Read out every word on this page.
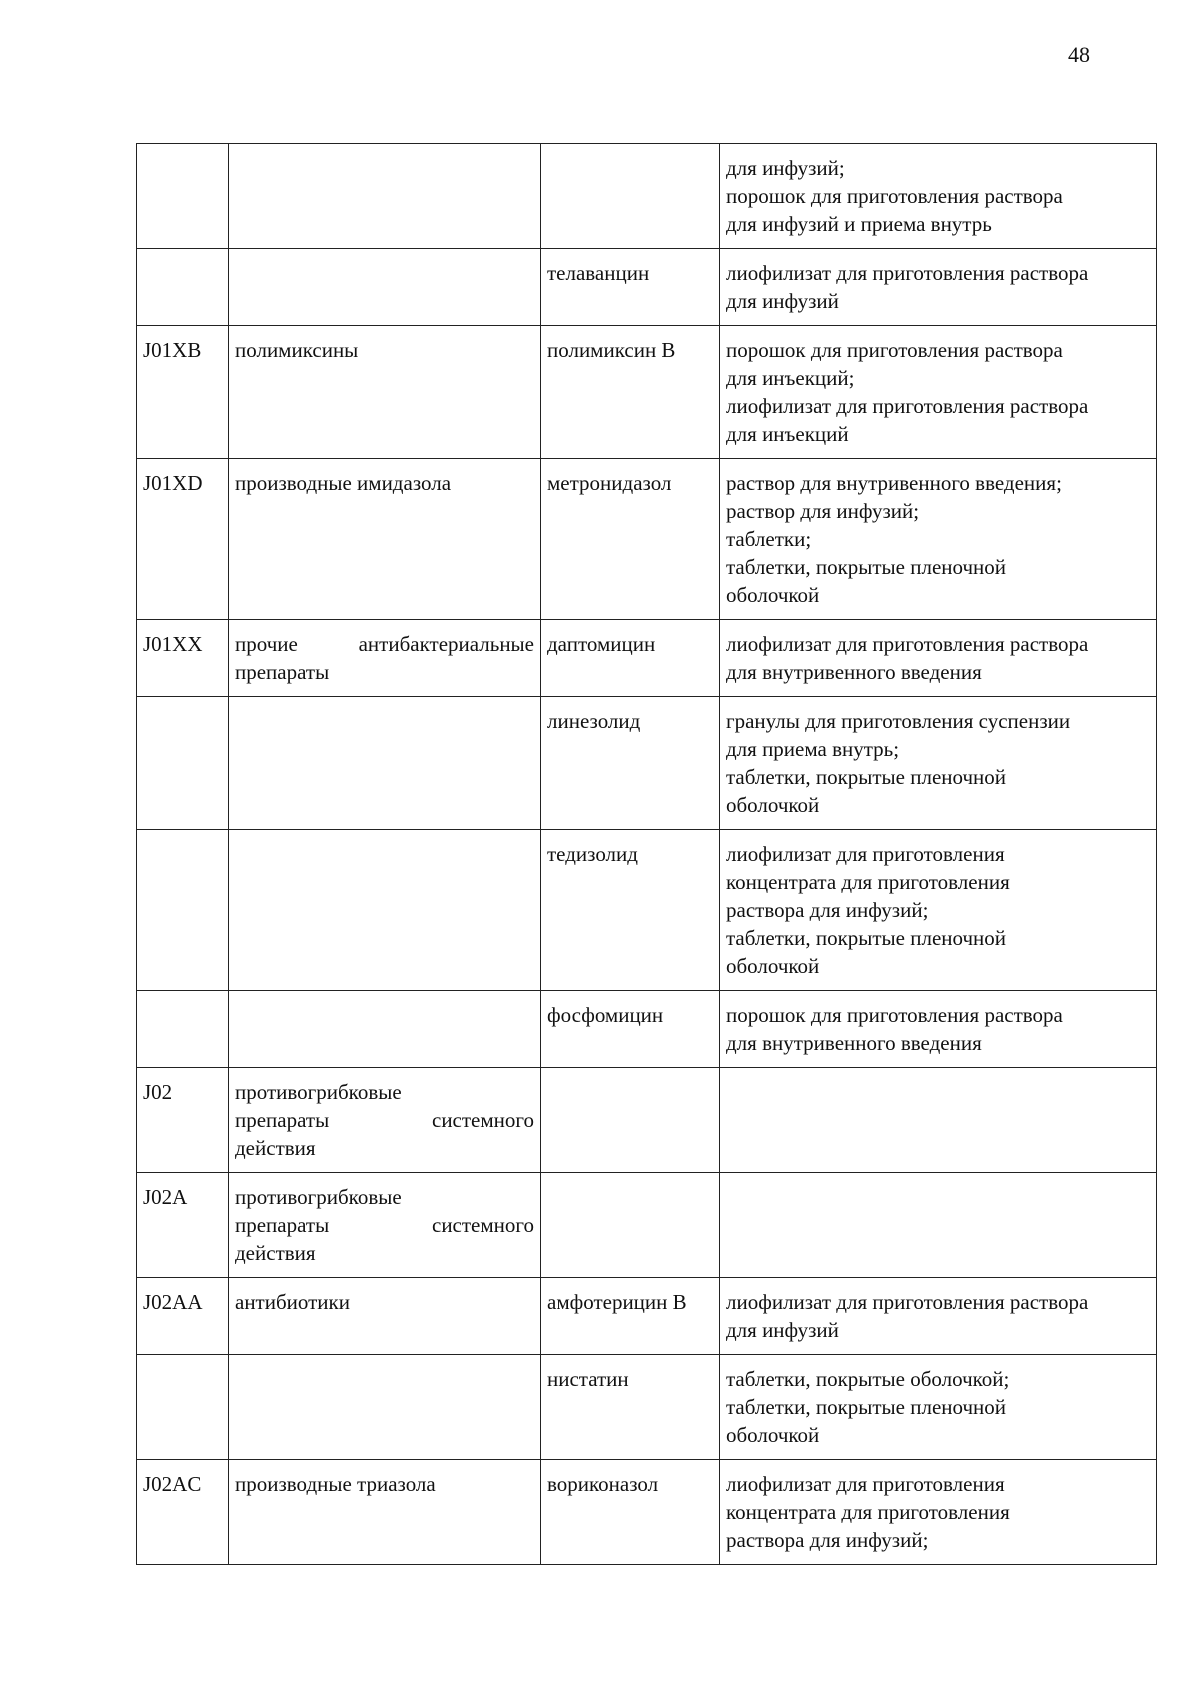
48

			для инфузий;
порошок для приготовления раствора
для инфузий и приема внутрь

		телаванцин	лиофилизат для приготовления раствора
для инфузий

J01XB	полимиксины	полимиксин В	порошок для приготовления раствора
для инъекций;
лиофилизат для приготовления раствора
для инъекций

J01XD	производные имидазола	метронидазол	раствор для внутривенного введения;
раствор для инфузий;
таблетки;
таблетки, покрытые пленочной
оболочкой

J01XX	прочие антибактериальные
препараты	даптомицин	лиофилизат для приготовления раствора
для внутривенного введения

		линезолид	гранулы для приготовления суспензии
для приема внутрь;
таблетки, покрытые пленочной
оболочкой

		тедизолид	лиофилизат для приготовления
концентрата для приготовления
раствора для инфузий;
таблетки, покрытые пленочной
оболочкой

		фосфомицин	порошок для приготовления раствора
для внутривенного введения

J02	противогрибковые
препараты системного
действия		

J02A	противогрибковые
препараты системного
действия		

J02AA	антибиотики	амфотерицин В	лиофилизат для приготовления раствора
для инфузий

		нистатин	таблетки, покрытые оболочкой;
таблетки, покрытые пленочной
оболочкой

J02AC	производные триазола	вориконазол	лиофилизат для приготовления
концентрата для приготовления
раствора для инфузий;
